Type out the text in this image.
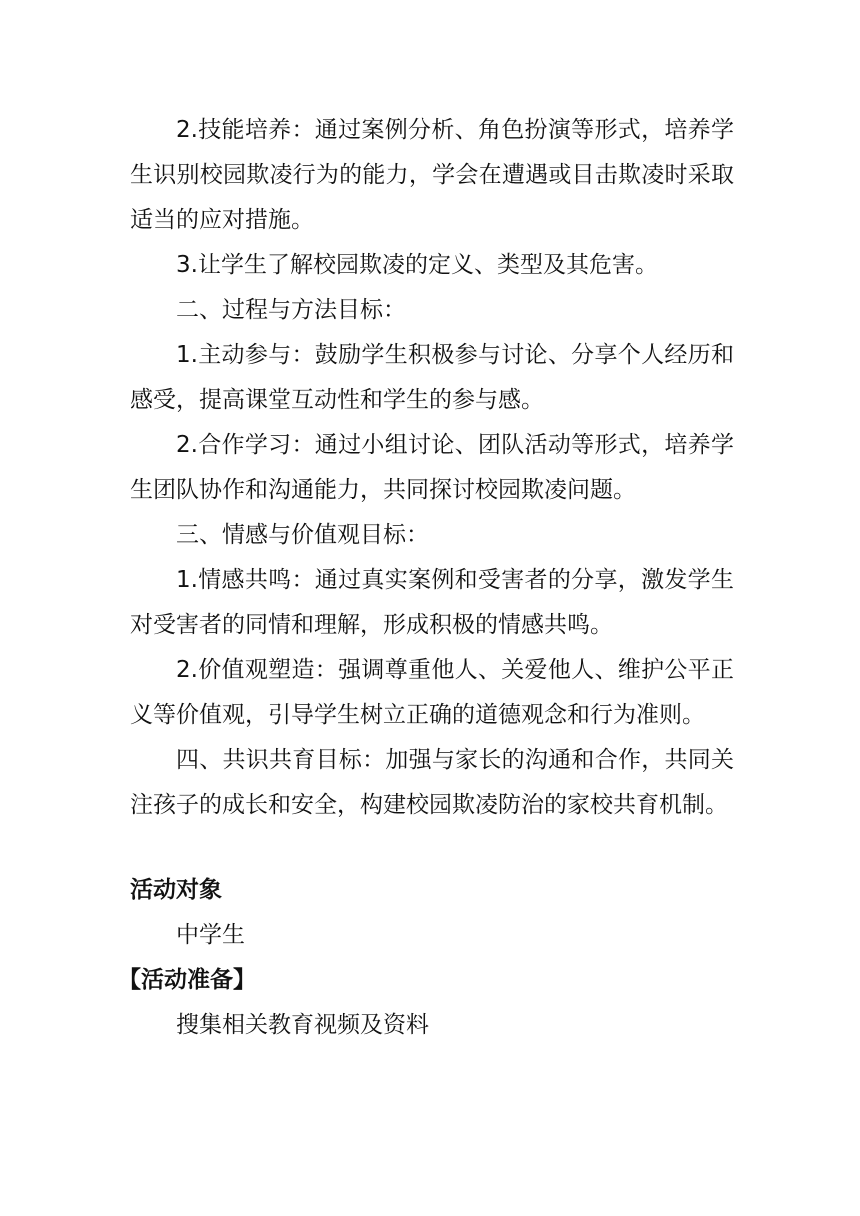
2.技能培养：通过案例分析、角色扮演等形式，培养学生识别校园欺凌行为的能力，学会在遭遇或目击欺凌时采取适当的应对措施。

3.让学生了解校园欺凌的定义、类型及其危害。

二、过程与方法目标：

1.主动参与：鼓励学生积极参与讨论、分享个人经历和感受，提高课堂互动性和学生的参与感。

2.合作学习：通过小组讨论、团队活动等形式，培养学生团队协作和沟通能力，共同探讨校园欺凌问题。

三、情感与价值观目标：

1.情感共鸣：通过真实案例和受害者的分享，激发学生对受害者的同情和理解，形成积极的情感共鸣。

2.价值观塑造：强调尊重他人、关爱他人、维护公平正义等价值观，引导学生树立正确的道德观念和行为准则。

四、共识共育目标：加强与家长的沟通和合作，共同关注孩子的成长和安全，构建校园欺凌防治的家校共育机制。

活动对象

中学生

【活动准备】

搜集相关教育视频及资料
